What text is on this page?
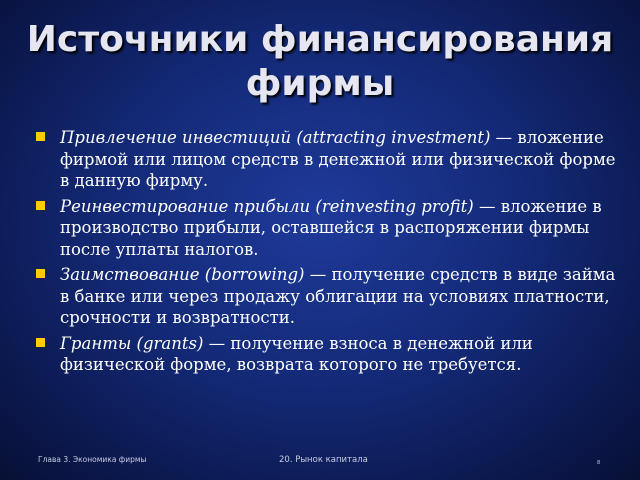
Источники финансирования
фирмы
Привлечение инвестиций (attracting investment) — вложение фирмой или лицом средств в денежной или физической форме в данную фирму.
Реинвестирование прибыли (reinvesting profit) — вложение в производство прибыли, оставшейся в распоряжении фирмы после уплаты налогов.
Заимствование (borrowing) — получение средств в виде займа в банке или через продажу облигации на условиях платности, срочности и возвратности.
Гранты (grants) — получение взноса в денежной или физической форме, возврата которого не требуется.
Глава 3. Экономика фирмы	20. Рынок капитала	8
